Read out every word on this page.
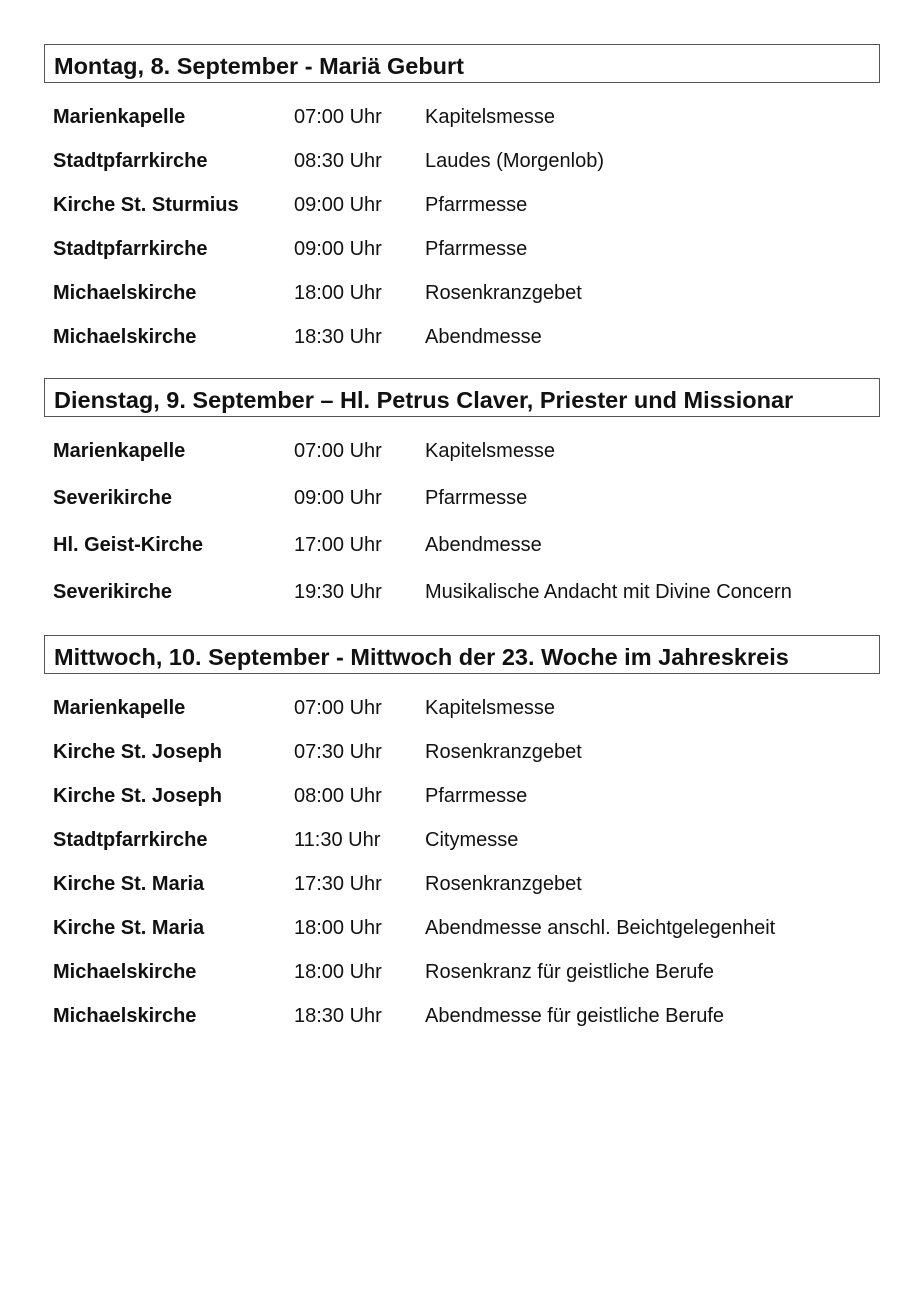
Montag, 8. September - Mariä Geburt
Marienkapelle	07:00 Uhr Kapitelsmesse
Stadtpfarrkirche	08:30 Uhr Laudes (Morgenlob)
Kirche St. Sturmius	09:00 Uhr Pfarrmesse
Stadtpfarrkirche	09:00 Uhr Pfarrmesse
Michaelskirche	18:00 Uhr Rosenkranzgebet
Michaelskirche	18:30 Uhr Abendmesse
Dienstag, 9. September – Hl. Petrus Claver, Priester und Missionar
Marienkapelle	07:00 Uhr Kapitelsmesse
Severikirche	09:00 Uhr Pfarrmesse
Hl. Geist-Kirche	17:00 Uhr Abendmesse
Severikirche	19:30 Uhr Musikalische Andacht mit Divine Concern
Mittwoch, 10. September - Mittwoch der 23. Woche im Jahreskreis
Marienkapelle	07:00 Uhr Kapitelsmesse
Kirche St. Joseph	07:30 Uhr Rosenkranzgebet
Kirche St. Joseph	08:00 Uhr Pfarrmesse
Stadtpfarrkirche	11:30 Uhr Citymesse
Kirche St. Maria	17:30 Uhr Rosenkranzgebet
Kirche St. Maria	18:00 Uhr Abendmesse anschl. Beichtgelegenheit
Michaelskirche	18:00 Uhr Rosenkranz für geistliche Berufe
Michaelskirche	18:30 Uhr Abendmesse für geistliche Berufe
